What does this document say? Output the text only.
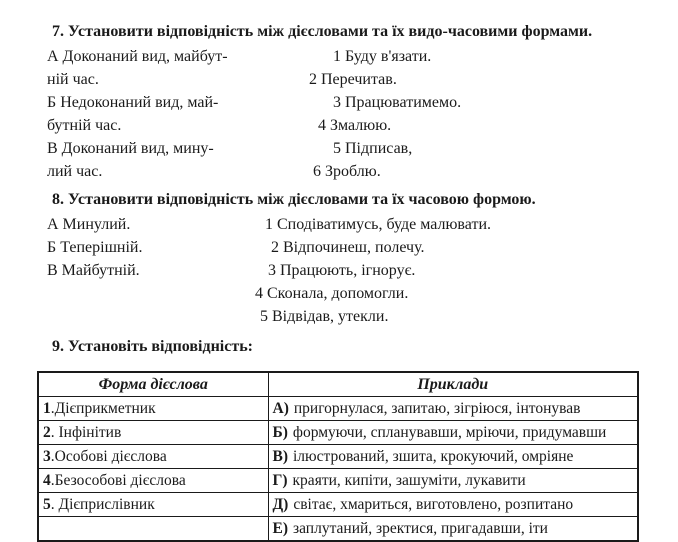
7. Установити відповідність між дієсловами та їх видо-часовими формами.
А Доконаний вид, майбут-	1 Буду в'язати.
ній час.	2 Перечитав.
Б Недоконаний вид, май-	3 Працюватимемо.
бутній час.	4 Змалюю.
В Доконаний вид, мину-	5 Підписав,
лий час.	6 Зроблю.
8. Установити відповідність між дієсловами та їх часовою формою.
А Минулий.	1 Сподіватимусь, буде малювати.
Б Теперішній.	2 Відпочинеш, полечу.
В Майбутній.	3 Працюють, ігнорує.
4 Сконала, допомогли.
5 Відвідав, утекли.
9. Установіть відповідність:
Форма дієслова	Приклади
1.Дієприкметник	А) пригорнулася, запитаю, зігріюся, інтонував
2. Інфінітив	Б) формуючи, спланувавши, мріючи, придумавши
3.Особові дієслова	В) ілюстрований, зшита, крокуючий, омріяне
4.Безособові дієслова	Г) краяти, кипіти, зашуміти, лукавити
5. Дієприслівник	Д) світає, хмариться, виготовлено, розпитано
	Е) заплутаний, зректися, пригадавши, іти
